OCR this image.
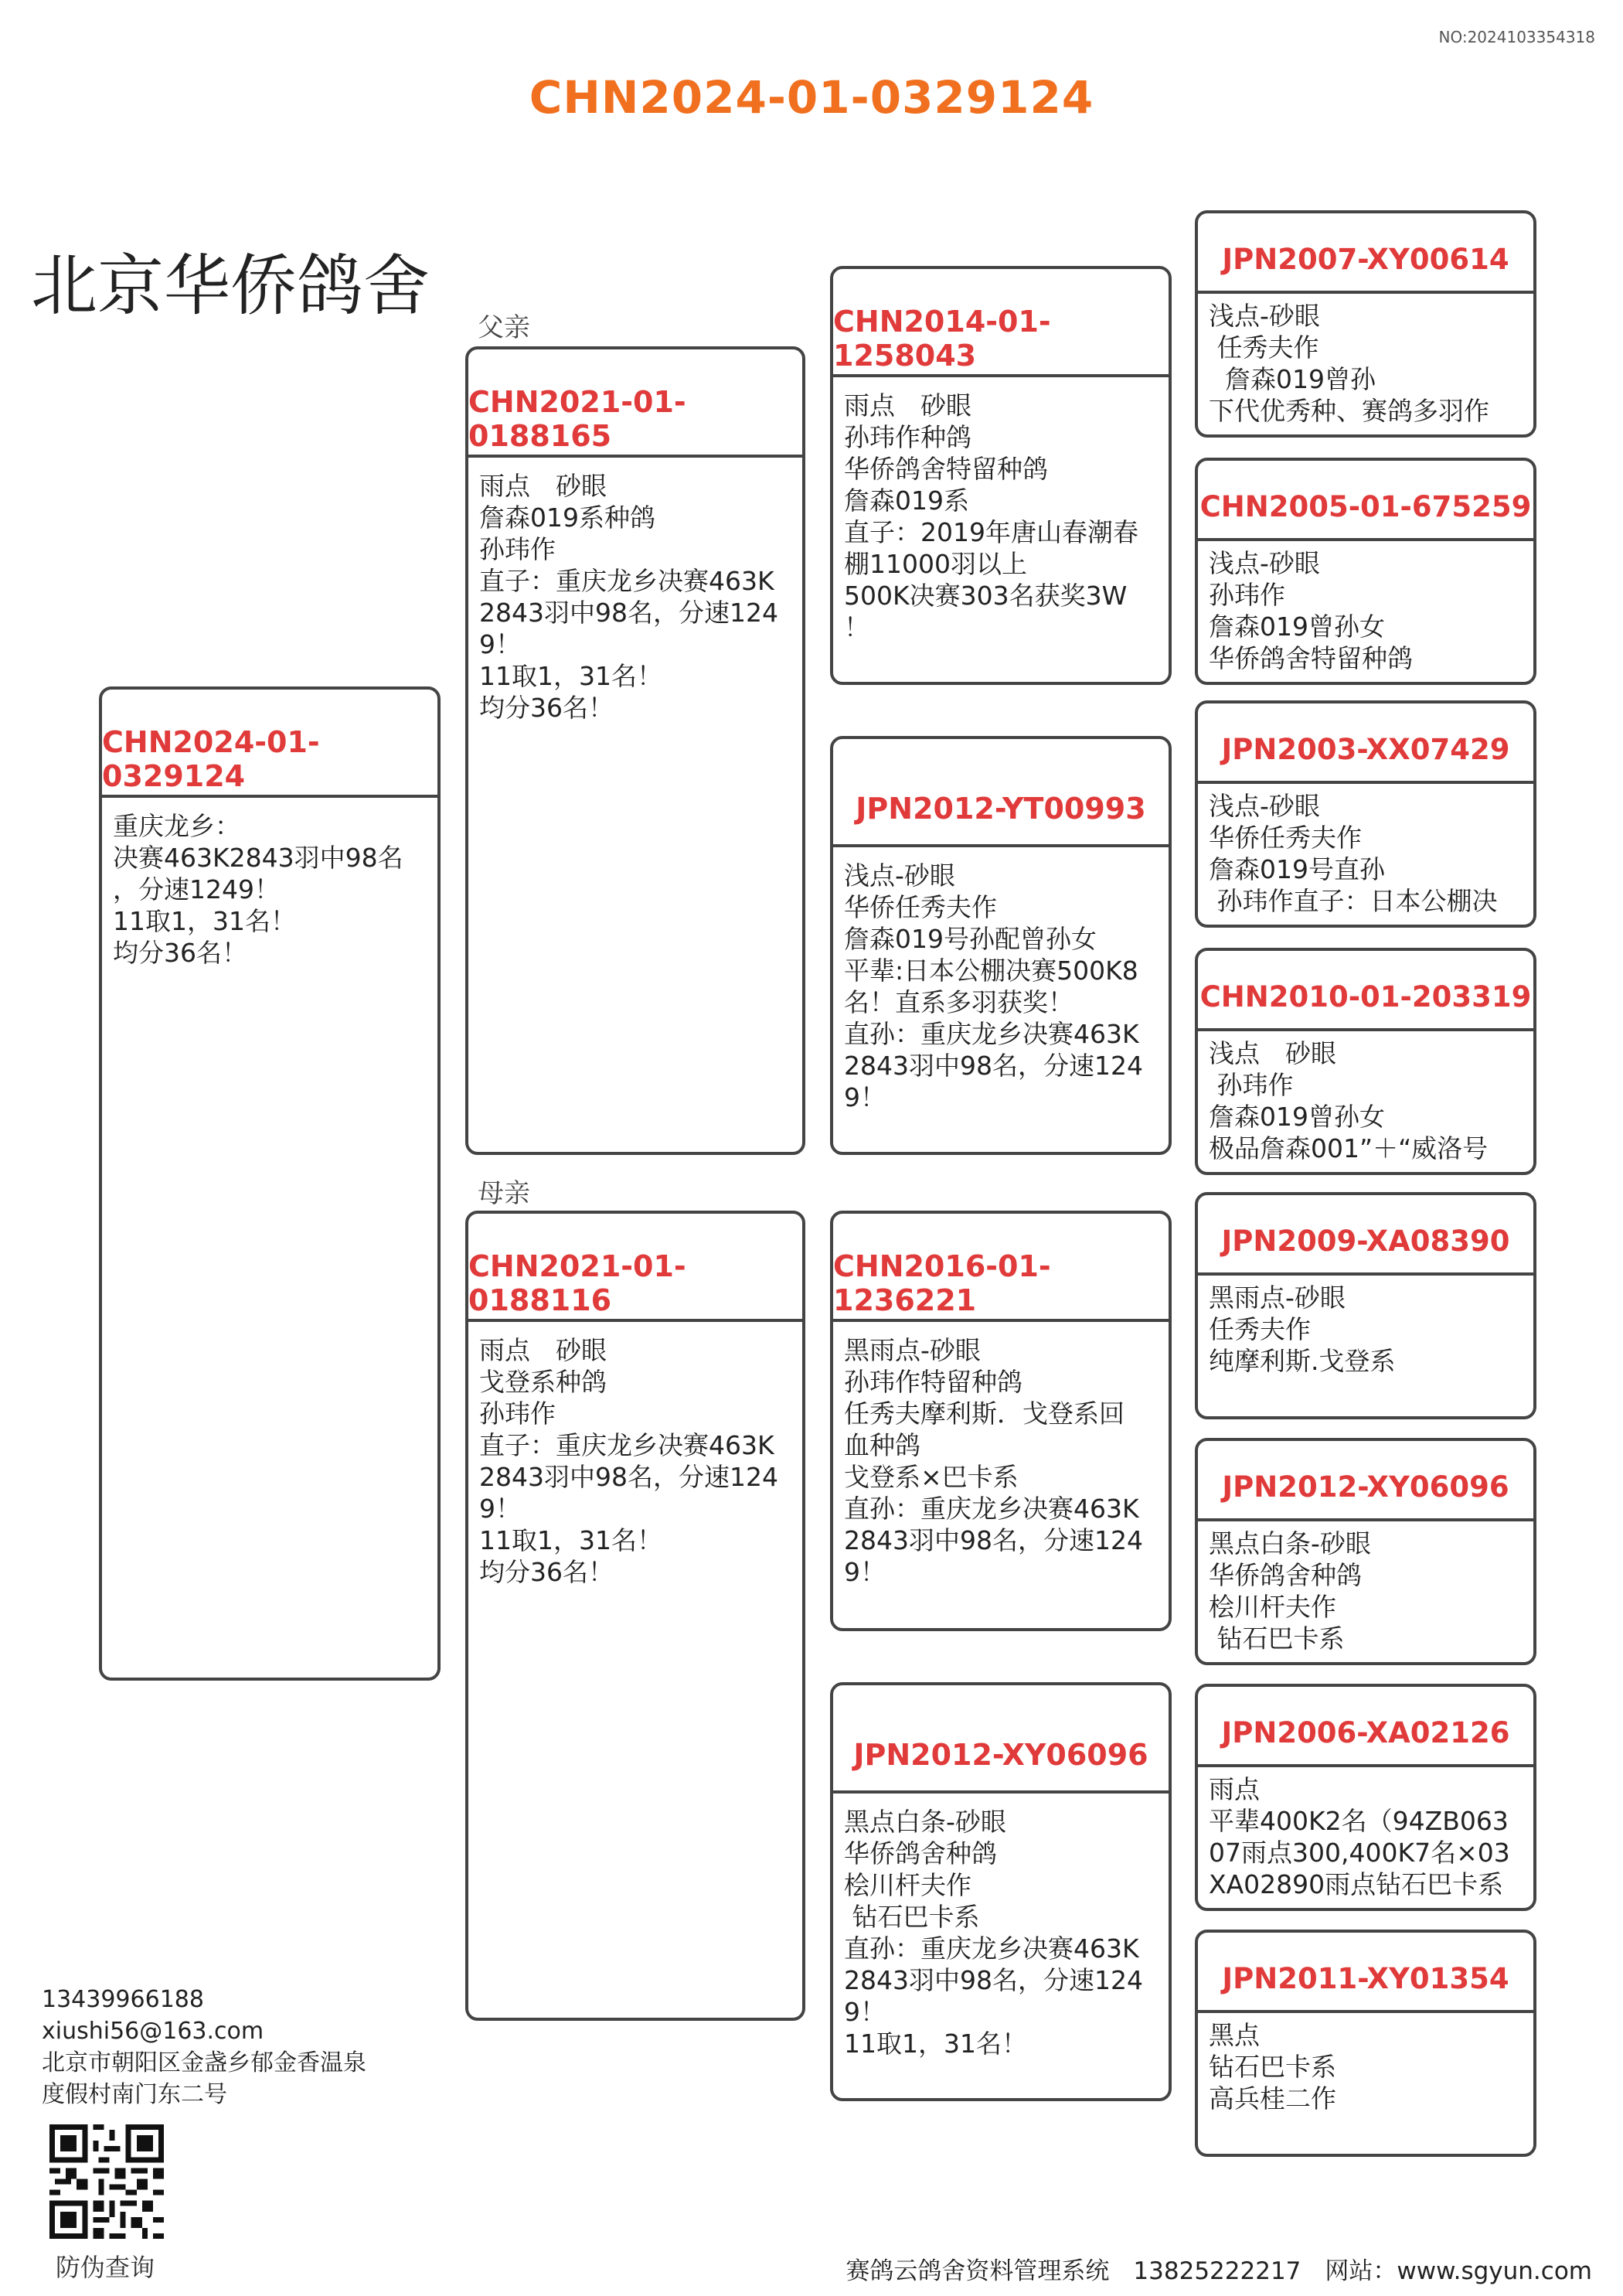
NO:2024103354318
CHN2024-01-0329124
北京华侨鸽舍
父亲
母亲
CHN2024-01-0329124
重庆龙乡：
决赛463K2843羽中98名
，分速1249！
11取1，31名！
均分36名！
CHN2021-01-0188165
雨点　砂眼
詹森019系种鸽
孙玮作
直子：重庆龙乡决赛463K
2843羽中98名，分速124
9！
11取1，31名！
均分36名！
CHN2021-01-0188116
雨点　砂眼
戈登系种鸽
孙玮作
直子：重庆龙乡决赛463K
2843羽中98名，分速124
9！
11取1，31名！
均分36名！
CHN2014-01-1258043
雨点　砂眼
孙玮作种鸽
华侨鸽舍特留种鸽
詹森019系
直子：2019年唐山春潮春
棚11000羽以上
500K决赛303名获奖3W
！
JPN2012-YT00993
浅点-砂眼
华侨任秀夫作
詹森019号孙配曾孙女
平辈:日本公棚决赛500K8
名！直系多羽获奖！
直孙：重庆龙乡决赛463K
2843羽中98名，分速124
9！
CHN2016-01-1236221
黑雨点-砂眼
孙玮作特留种鸽
任秀夫摩利斯．戈登系回
血种鸽
戈登系×巴卡系
直孙：重庆龙乡决赛463K
2843羽中98名，分速124
9！
JPN2012-XY06096
黑点白条-砂眼
华侨鸽舍种鸽
桧川杆夫作
钻石巴卡系
直孙：重庆龙乡决赛463K
2843羽中98名，分速124
9！
11取1，31名！
JPN2007-XY00614
浅点-砂眼
任秀夫作
詹森019曾孙
下代优秀种、赛鸽多羽作
CHN2005-01-675259
浅点-砂眼
孙玮作
詹森019曾孙女
华侨鸽舍特留种鸽
JPN2003-XX07429
浅点-砂眼
华侨任秀夫作
詹森019号直孙
孙玮作直子：日本公棚决
CHN2010-01-203319
浅点　砂眼
孙玮作
詹森019曾孙女
极品詹森001”＋“威洛号
JPN2009-XA08390
黑雨点-砂眼
任秀夫作
纯摩利斯.戈登系
JPN2012-XY06096
黑点白条-砂眼
华侨鸽舍种鸽
桧川杆夫作
钻石巴卡系
JPN2006-XA02126
雨点
平辈400K2名（94ZB063
07雨点300,400K7名×03
XA02890雨点钻石巴卡系
JPN2011-XY01354
黑点
钻石巴卡系
高兵桂二作
13439966188
xiushi56@163.com
北京市朝阳区金盏乡郁金香温泉
度假村南门东二号
防伪查询	赛鸽云鸽舍资料管理系统　13825222217　网站：www.sgyun.com
